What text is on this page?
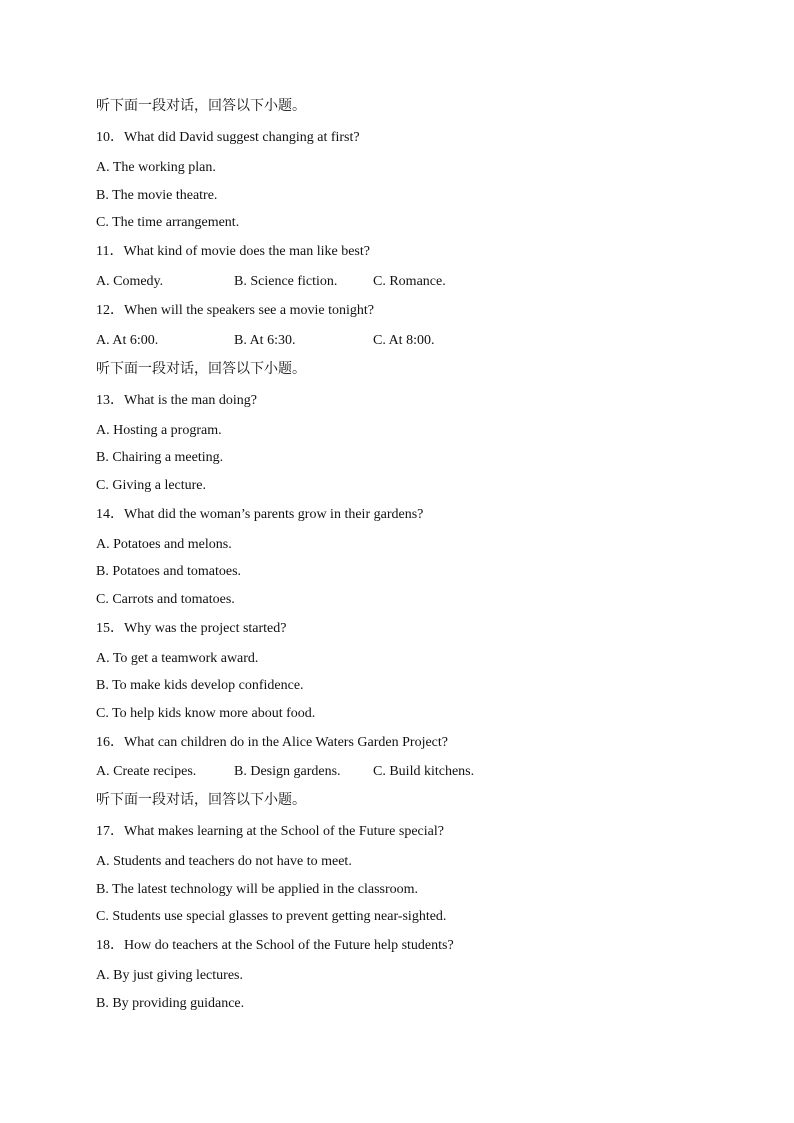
听下面一段对话，回答以下小题。
10．What did David suggest changing at first?
A. The working plan.
B. The movie theatre.
C. The time arrangement.
11．What kind of movie does the man like best?
A. Comedy.	B. Science fiction.	C. Romance.
12．When will the speakers see a movie tonight?
A. At 6:00.	B. At 6:30.	C. At 8:00.
听下面一段对话，回答以下小题。
13．What is the man doing?
A. Hosting a program.
B. Chairing a meeting.
C. Giving a lecture.
14．What did the woman’s parents grow in their gardens?
A. Potatoes and melons.
B. Potatoes and tomatoes.
C. Carrots and tomatoes.
15．Why was the project started?
A. To get a teamwork award.
B. To make kids develop confidence.
C. To help kids know more about food.
16．What can children do in the Alice Waters Garden Project?
A. Create recipes.	B. Design gardens. C. Build kitchens.
听下面一段对话，回答以下小题。
17．What makes learning at the School of the Future special?
A. Students and teachers do not have to meet.
B. The latest technology will be applied in the classroom.
C. Students use special glasses to prevent getting near-sighted.
18．How do teachers at the School of the Future help students?
A. By just giving lectures.
B. By providing guidance.
